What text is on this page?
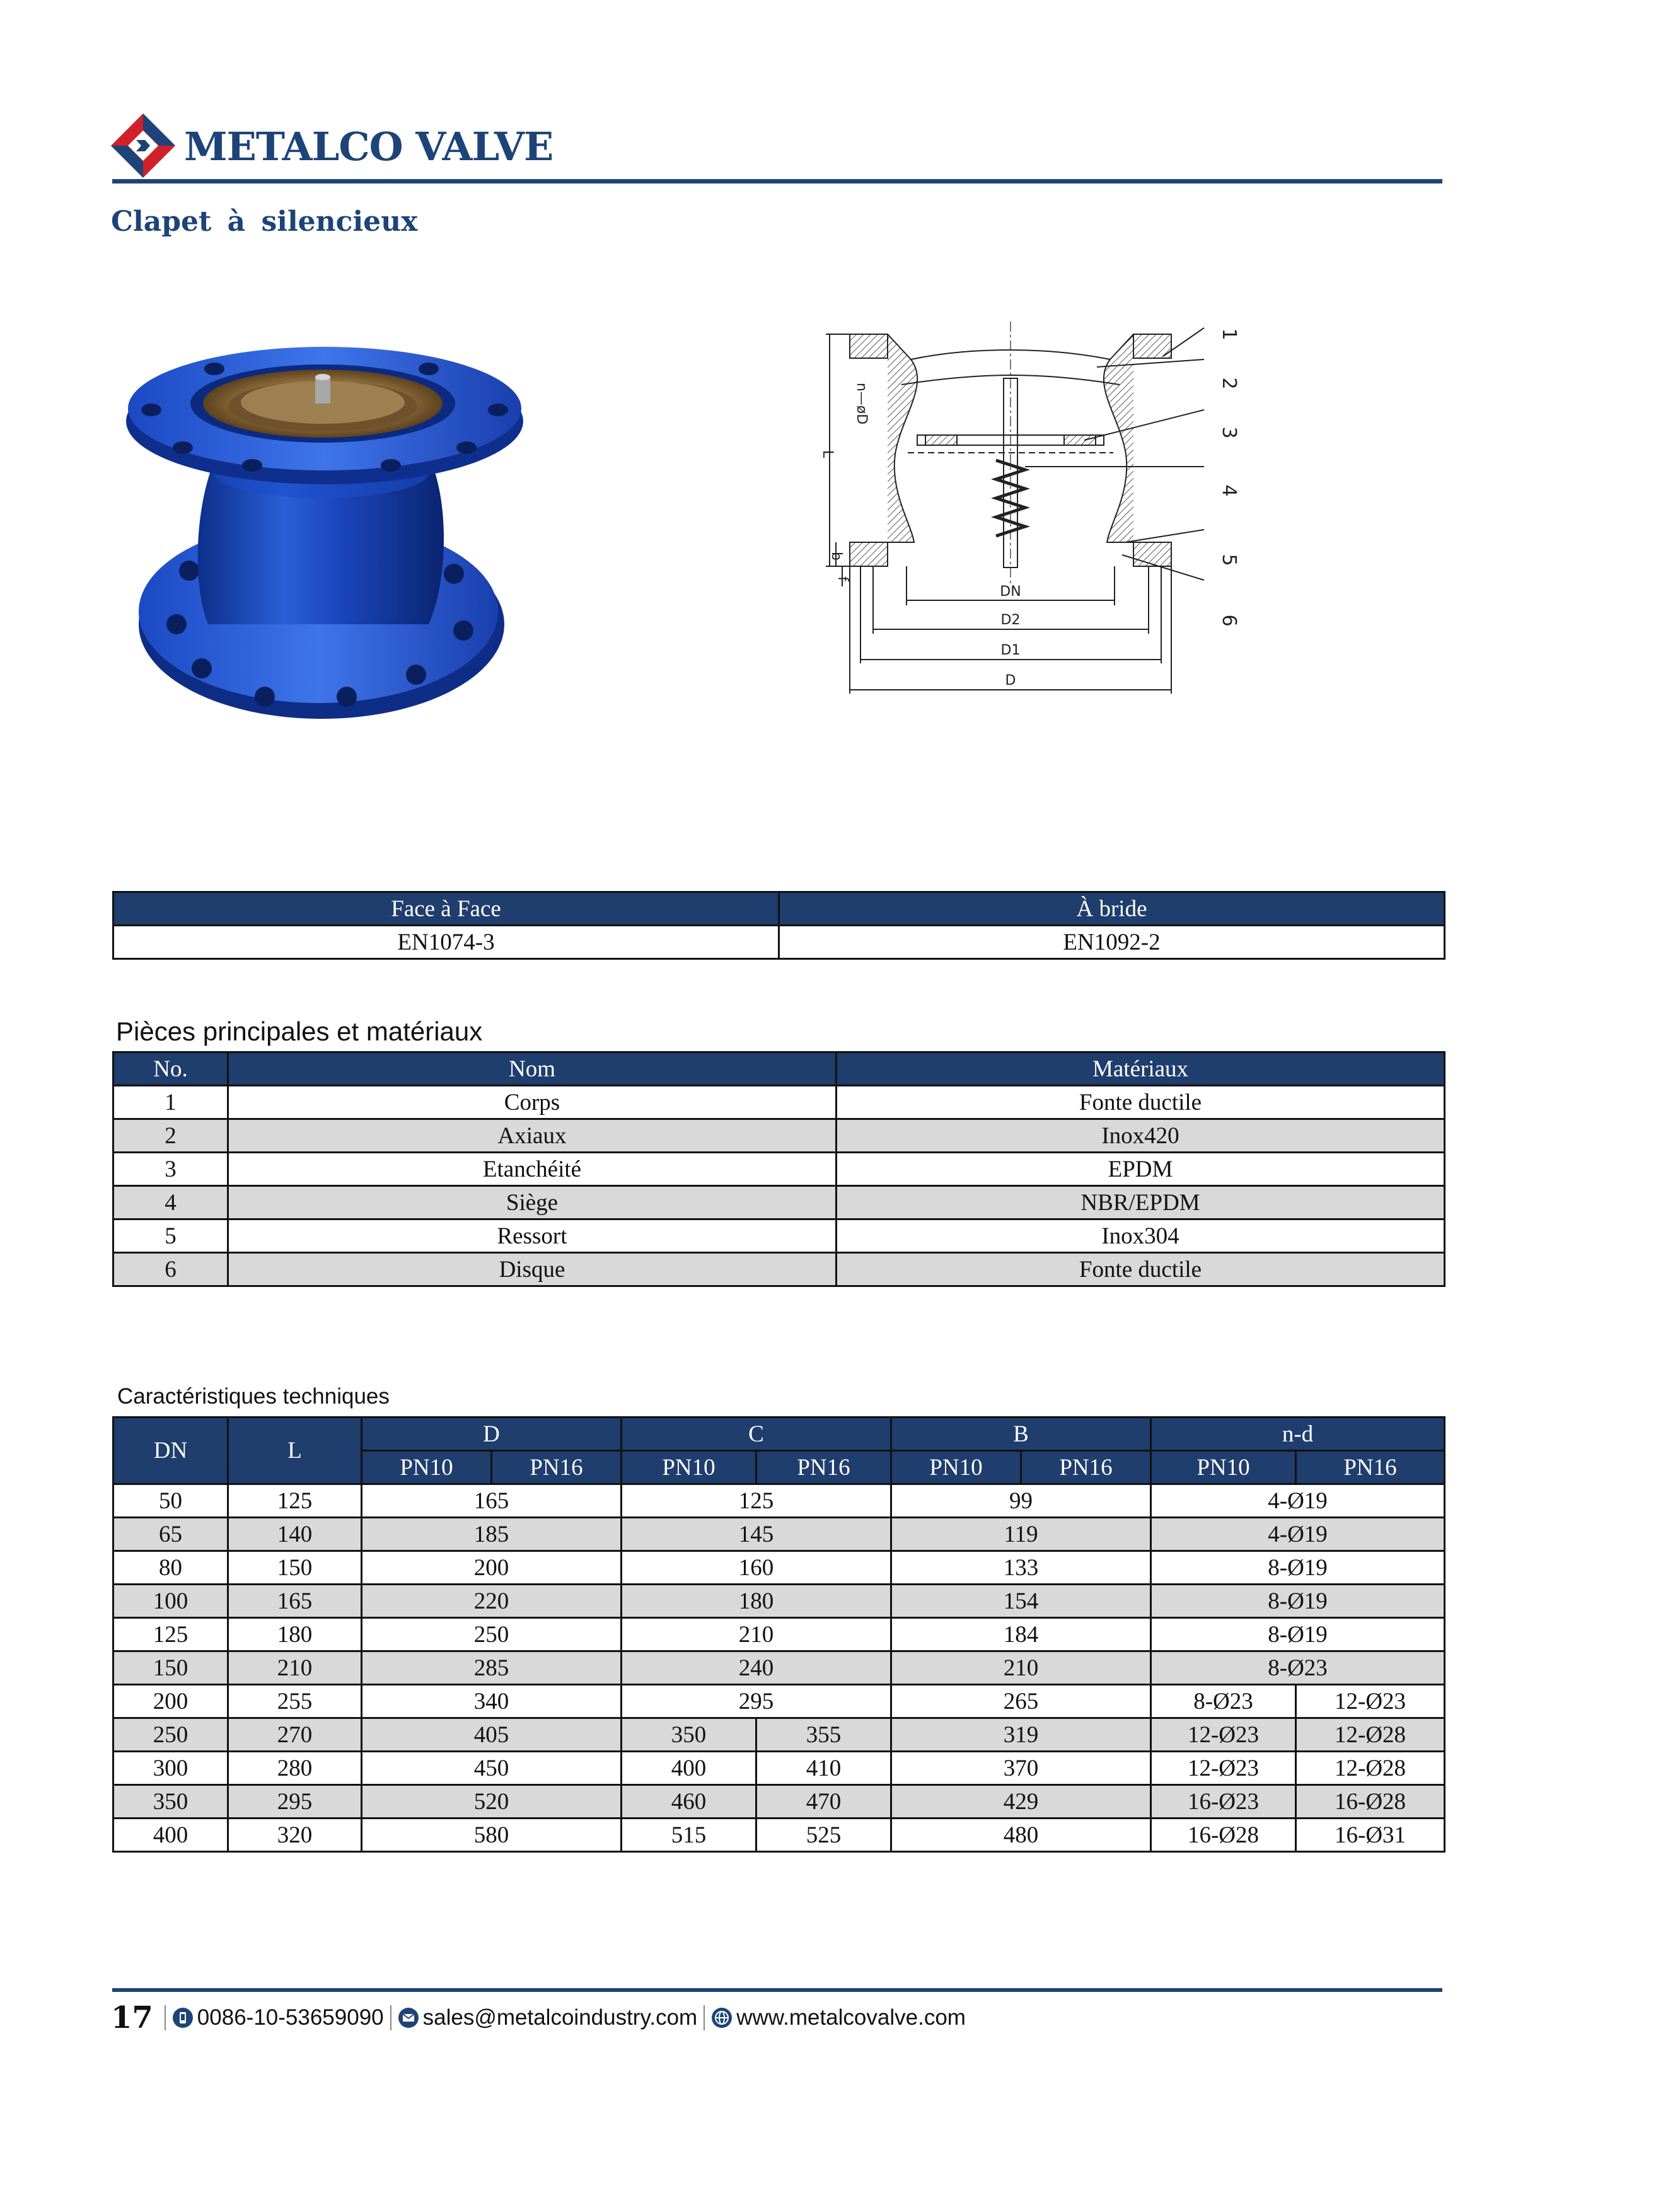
METALCO VALVE
Clapet à silencieux
DN
D2
D1
D
L
b
f
n—øD
1
2
3
4
5
6
Face à Face	À bride
EN1074-3	EN1092-2
Pièces principales et matériaux
No.	Nom	Matériaux
1	Corps	Fonte ductile
2	Axiaux	Inox420
3	Etanchéité	EPDM
4	Siège	NBR/EPDM
5	Ressort	Inox304
6	Disque	Fonte ductile
Caractéristiques techniques
DN	L	D		C		B		n-d	
		PN10	PN16	PN10	PN16	PN10	PN16	PN10	PN16
50	125	165		125		99		4-Ø19	
65	140	185		145		119		4-Ø19	
80	150	200		160		133		8-Ø19	
100	165	220		180		154		8-Ø19	
125	180	250		210		184		8-Ø19	
150	210	285		240		210		8-Ø23	
200	255	340		295		265		8-Ø23	12-Ø23
250	270	405		350	355	319		12-Ø23	12-Ø28
300	280	450		400	410	370		12-Ø23	12-Ø28
350	295	520		460	470	429		16-Ø23	16-Ø28
400	320	580		515	525	480		16-Ø28	16-Ø31
17 0086-10-53659090 sales@metalcoindustry.com www.metalcovalve.com
